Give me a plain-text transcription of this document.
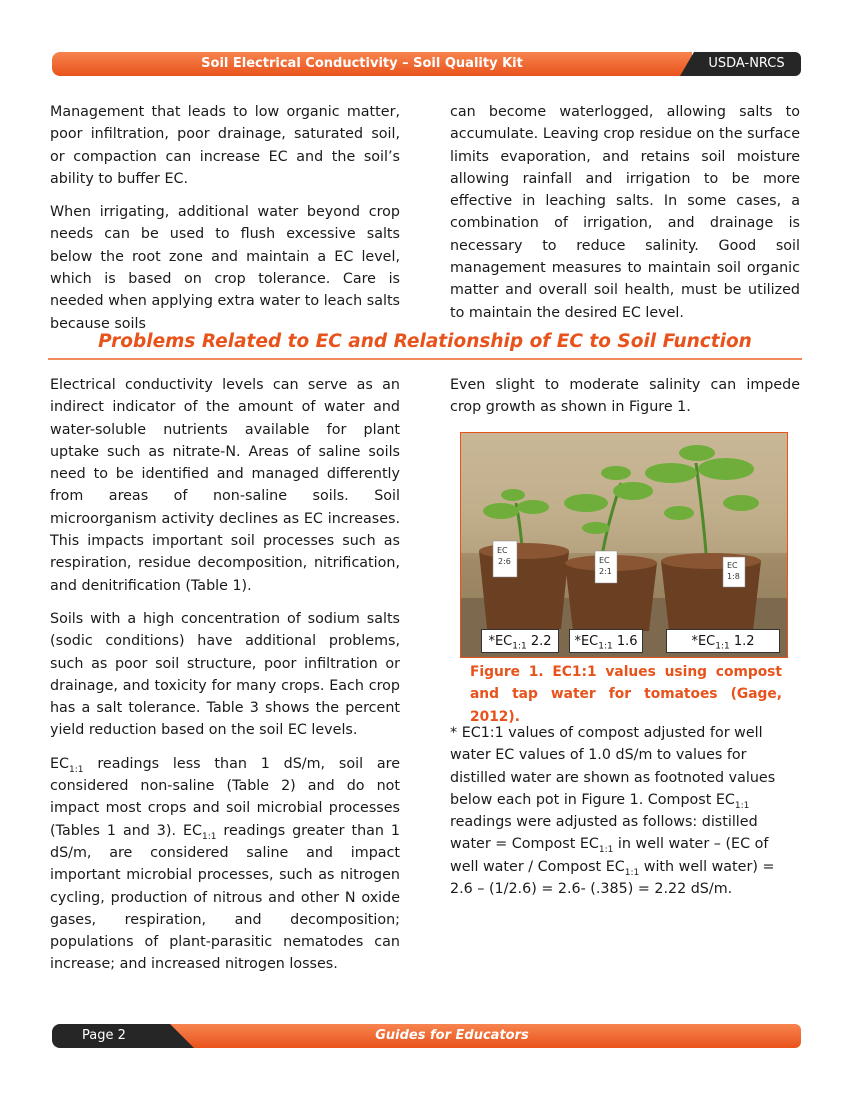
Soil Electrical Conductivity – Soil Quality Kit	USDA-NRCS

Management that leads to low organic matter, poor infiltration, poor drainage, saturated soil, or compaction can increase EC and the soil’s ability to buffer EC.

When irrigating, additional water beyond crop needs can be used to flush excessive salts below the root zone and maintain a EC level, which is based on crop tolerance. Care is needed when applying extra water to leach salts because soils

can become waterlogged, allowing salts to accumulate. Leaving crop residue on the surface limits evaporation, and retains soil moisture allowing rainfall and irrigation to be more effective in leaching salts. In some cases, a combination of irrigation, and drainage is necessary to reduce salinity. Good soil management measures to maintain soil organic matter and overall soil health, must be utilized to maintain the desired EC level.

Problems Related to EC and Relationship of EC to Soil Function

Electrical conductivity levels can serve as an indirect indicator of the amount of water and water-soluble nutrients available for plant uptake such as nitrate-N. Areas of saline soils need to be identified and managed differently from areas of non-saline soils. Soil microorganism activity declines as EC increases. This impacts important soil processes such as respiration, residue decomposition, nitrification, and denitrification (Table 1).

Soils with a high concentration of sodium salts (sodic conditions) have additional problems, such as poor soil structure, poor infiltration or drainage, and toxicity for many crops. Each crop has a salt tolerance. Table 3 shows the percent yield reduction based on the soil EC levels.

$EC_{1:1}$ readings less than 1 dS/m, soil are considered non-saline (Table 2) and do not impact most crops and soil microbial processes (Tables 1 and 3). $EC_{1:1}$ readings greater than 1 dS/m, are considered saline and impact important microbial processes, such as nitrogen cycling, production of nitrous and other N oxide gases, respiration, and decomposition; populations of plant-parasitic nematodes can increase; and increased nitrogen losses.

Even slight to moderate salinity can impede crop growth as shown in Figure 1.

EC
2:6	EC
2:1
EC
1:8
$*EC_{1:1}$ 2.2	$*EC_{1:1}$ 1.6	$*EC_{1:1}$ 1.2
Figure 1. EC1:1 values using compost and tap water for tomatoes (Gage, 2012).

* EC1:1 values of compost adjusted for well water EC values of 1.0 dS/m to values for distilled water are shown as footnoted values below each pot in Figure 1. Compost $EC_{1:1}$ readings were adjusted as follows: distilled water = Compost $EC_{1:1}$ in well water – (EC of well water / Compost $EC_{1:1}$ with well water) = 2.6 – (1/2.6) = 2.6- (.385) = 2.22 dS/m.

Page 2	Guides for Educators
